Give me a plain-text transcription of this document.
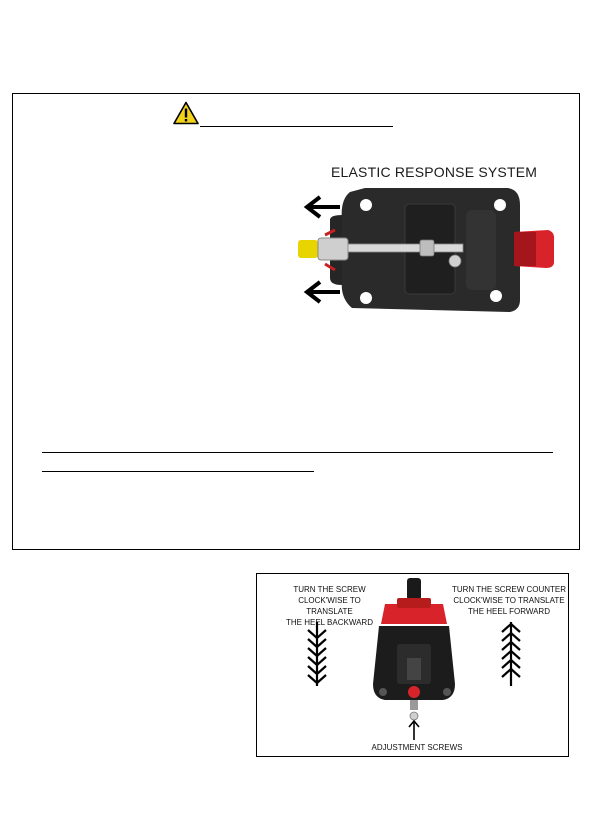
ELASTIC RESPONSE SYSTEM
TURN THE SCREW
CLOCK'WISE TO TRANSLATE
THE HEEL BACKWARD
TURN THE SCREW COUNTER
CLOCK'WISE TO TRANSLATE
THE HEEL FORWARD
ADJUSTMENT SCREWS
